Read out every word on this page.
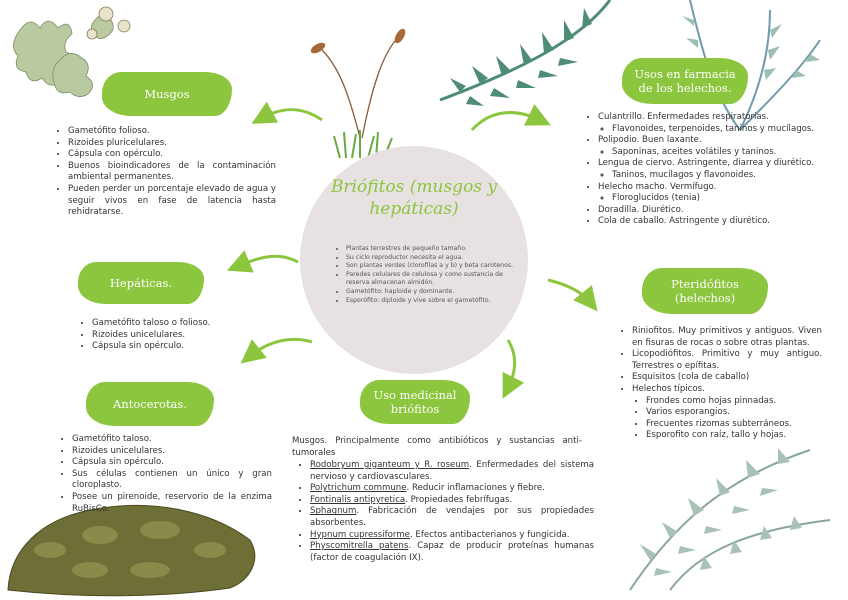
Briófitos (musgos y hepáticas)
• Plantas terrestres de pequeño tamaño.
• Su ciclo reproductor necesita el agua.
• Son plantas verdes (clorofilas a y b) y beta carotenos.
• Paredes celulares de celulosa y como sustancia de reserva almacenan almidón.
• Gametófito: haploide y dominante.
• Esporófito: diploide y vive sobre el gametófito.
Musgos
• Gametófito folioso.
• Rizoides pluricelulares.
• Cápsula con opérculo.
• Buenos bioindicadores de la contaminación ambiental permanentes.
• Pueden perder un porcentaje elevado de agua y seguir vivos en fase de latencia hasta rehidratarse.
Hepáticas.
• Gametófito taloso o folioso.
• Rizoides unicelulares.
• Cápsula sin opérculo.
Antocerotas.
• Gametófito taloso.
• Rizoides unicelulares.
• Cápsula sin opérculo.
• Sus células contienen un único y gran cloroplasto.
• Posee un pirenoide, reservorio de la enzima RuBisCo.
Uso medicinal briófitos
Musgos. Principalmente como antibióticos y sustancias anti-tumorales
• Rodobryum giganteum y R. roseum. Enfermedades del sistema nervioso y cardiovasculares.
• Polytrichum commune. Reducir inflamaciones y fiebre.
• Fontinalis antipyretica. Propiedades febrífugas.
• Sphagnum. Fabricación de vendajes por sus propiedades absorbentes.
• Hypnum cupressiforme. Efectos antibacterianos y fungicida.
• Physcomitrella patens. Capaz de producir proteínas humanas (factor de coagulación IX).
Usos en farmacia de los helechos.
• Culantrillo. Enfermedades respiratorias.
◦ Flavonoides, terpenoides, taninos y mucílagos.
• Polipodio. Buen laxante.
◦ Saponinas, aceites volátiles y taninos.
• Lengua de ciervo. Astringente, diarrea y diurético.
◦ Taninos, mucílagos y flavonoides.
• Helecho macho. Vermífugo.
◦ Floroglucidos (tenia)
• Doradilla. Diurético.
• Cola de caballo. Astringente y diurético.
Pteridófitos (helechos)
• Riniofitos. Muy primitivos y antiguos. Viven en fisuras de rocas o sobre otras plantas.
• Licopodiófitos. Primitivo y muy antiguo. Terrestres o epífitas.
• Esquisitos (cola de caballo)
• Helechos típicos.
• Frondes como hojas pinnadas.
• Varios esporangios.
• Frecuentes rizomas subterráneos.
• Esporofito con raíz, tallo y hojas.
